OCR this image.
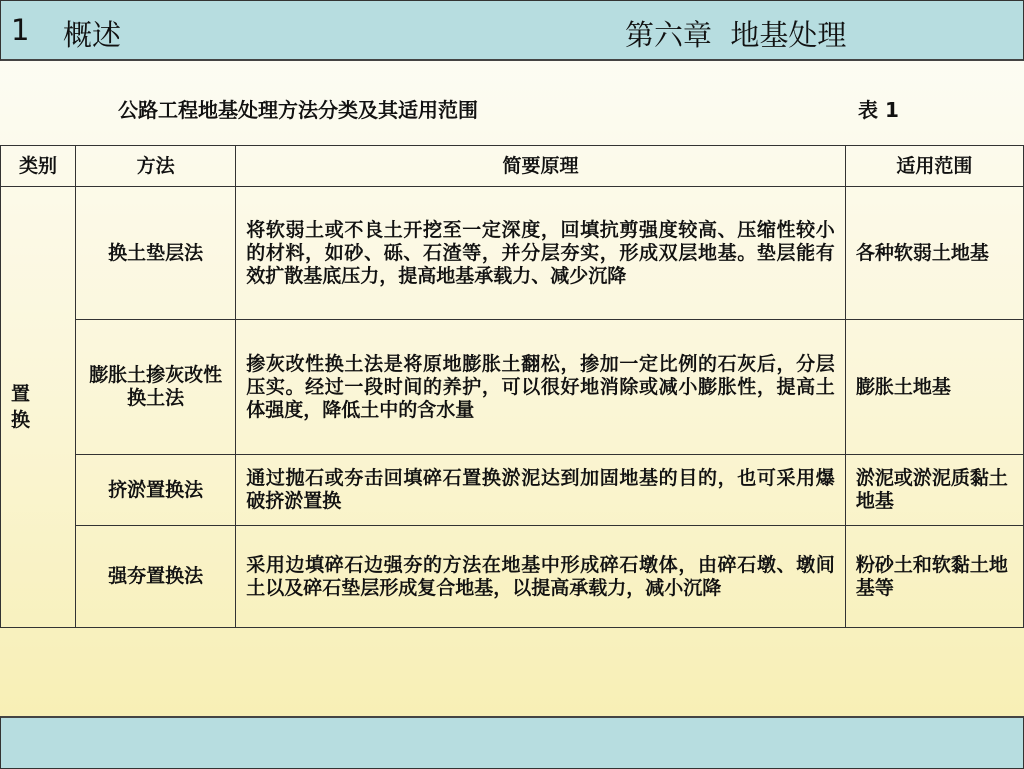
1 概述	第六章  地基处理
公路工程地基处理方法分类及其适用范围	表 1
类别	方法	简要原理	适用范围

置换	换土垫层法	将软弱土或不良土开挖至一定深度，回填抗剪强度较高、压缩性较小的材料，如砂、砾、石渣等，并分层夯实，形成双层地基。垫层能有效扩散基底压力，提高地基承载力、减少沉降	各种软弱土地基
	膨胀土掺灰改性换土法	掺灰改性换土法是将原地膨胀土翻松，掺加一定比例的石灰后，分层压实。经过一段时间的养护，可以很好地消除或减小膨胀性，提高土体强度，降低土中的含水量	膨胀土地基
	挤淤置换法	通过抛石或夯击回填碎石置换淤泥达到加固地基的目的，也可采用爆破挤淤置换	淤泥或淤泥质黏土地基
	强夯置换法	采用边填碎石边强夯的方法在地基中形成碎石墩体，由碎石墩、墩间土以及碎石垫层形成复合地基，以提高承载力，减小沉降	粉砂土和软黏土地基等
